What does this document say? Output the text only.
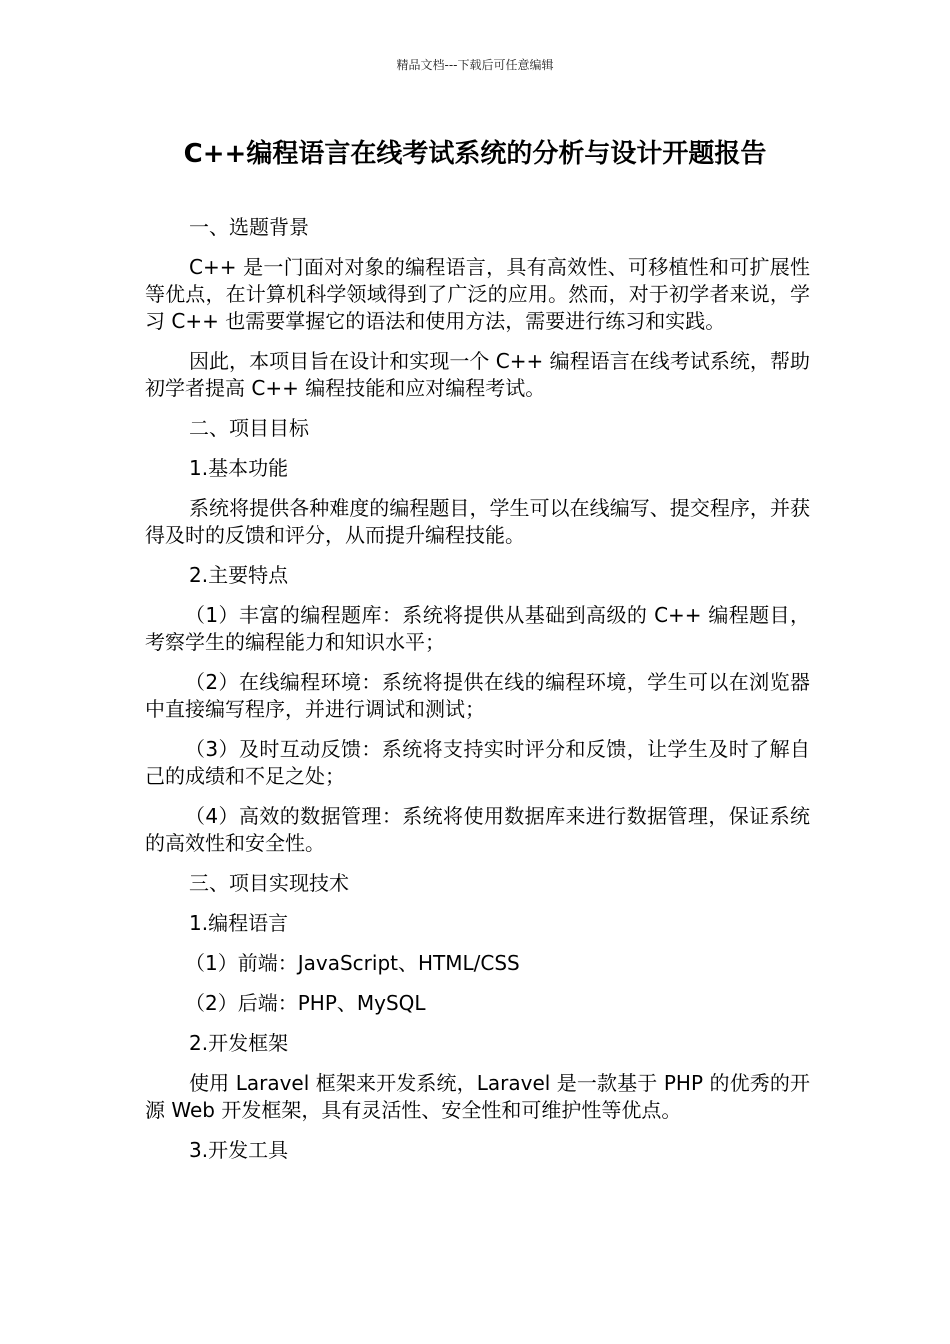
精品文档---下载后可任意编辑
C++编程语言在线考试系统的分析与设计开题报告

一、选题背景

C++ 是一门面对对象的编程语言，具有高效性、可移植性和可扩展性等优点，在计算机科学领域得到了广泛的应用。然而，对于初学者来说，学习 C++ 也需要掌握它的语法和使用方法，需要进行练习和实践。

因此，本项目旨在设计和实现一个 C++ 编程语言在线考试系统，帮助初学者提高 C++ 编程技能和应对编程考试。

二、项目目标

1.基本功能

系统将提供各种难度的编程题目，学生可以在线编写、提交程序，并获得及时的反馈和评分，从而提升编程技能。

2.主要特点

（1）丰富的编程题库：系统将提供从基础到高级的 C++ 编程题目，考察学生的编程能力和知识水平；

（2）在线编程环境：系统将提供在线的编程环境，学生可以在浏览器中直接编写程序，并进行调试和测试；

（3）及时互动反馈：系统将支持实时评分和反馈，让学生及时了解自己的成绩和不足之处；

（4）高效的数据管理：系统将使用数据库来进行数据管理，保证系统的高效性和安全性。

三、项目实现技术

1.编程语言

（1）前端：JavaScript、HTML/CSS

（2）后端：PHP、MySQL

2.开发框架

使用 Laravel 框架来开发系统，Laravel 是一款基于 PHP 的优秀的开源 Web 开发框架，具有灵活性、安全性和可维护性等优点。

3.开发工具
